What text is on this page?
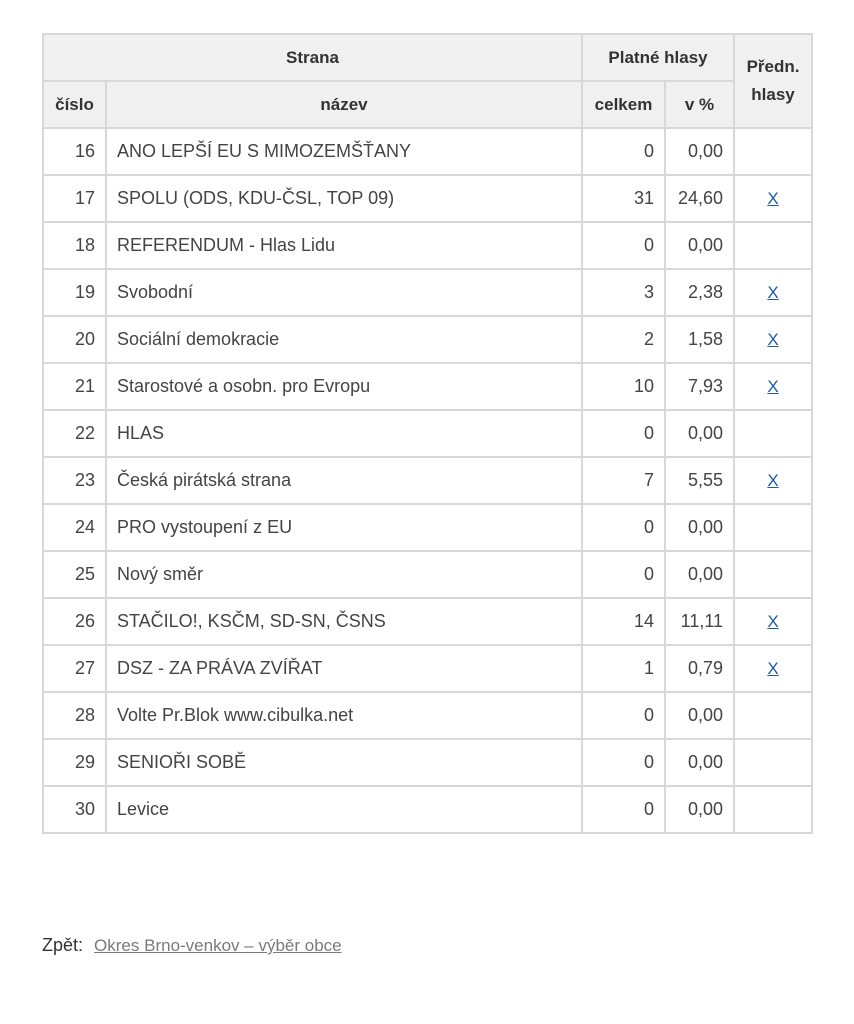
Strana		Platné hlasy		Předn.
hlasy
číslo	název	celkem	v %	
16	ANO LEPŠÍ EU S MIMOZEMŠŤANY	0	0,00	
17	SPOLU (ODS, KDU-ČSL, TOP 09)	31	24,60	X
18	REFERENDUM - Hlas Lidu	0	0,00	
19	Svobodní	3	2,38	X
20	Sociální demokracie	2	1,58	X
21	Starostové a osobn. pro Evropu	10	7,93	X
22	HLAS	0	0,00	
23	Česká pirátská strana	7	5,55	X
24	PRO vystoupení z EU	0	0,00	
25	Nový směr	0	0,00	
26	STAČILO!, KSČM, SD-SN, ČSNS	14	11,11	X
27	DSZ - ZA PRÁVA ZVÍŘAT	1	0,79	X
28	Volte Pr.Blok www.cibulka.net	0	0,00	
29	SENIOŘI SOBĚ	0	0,00	
30	Levice	0	0,00	
Zpět: Okres Brno-venkov – výběr obce
